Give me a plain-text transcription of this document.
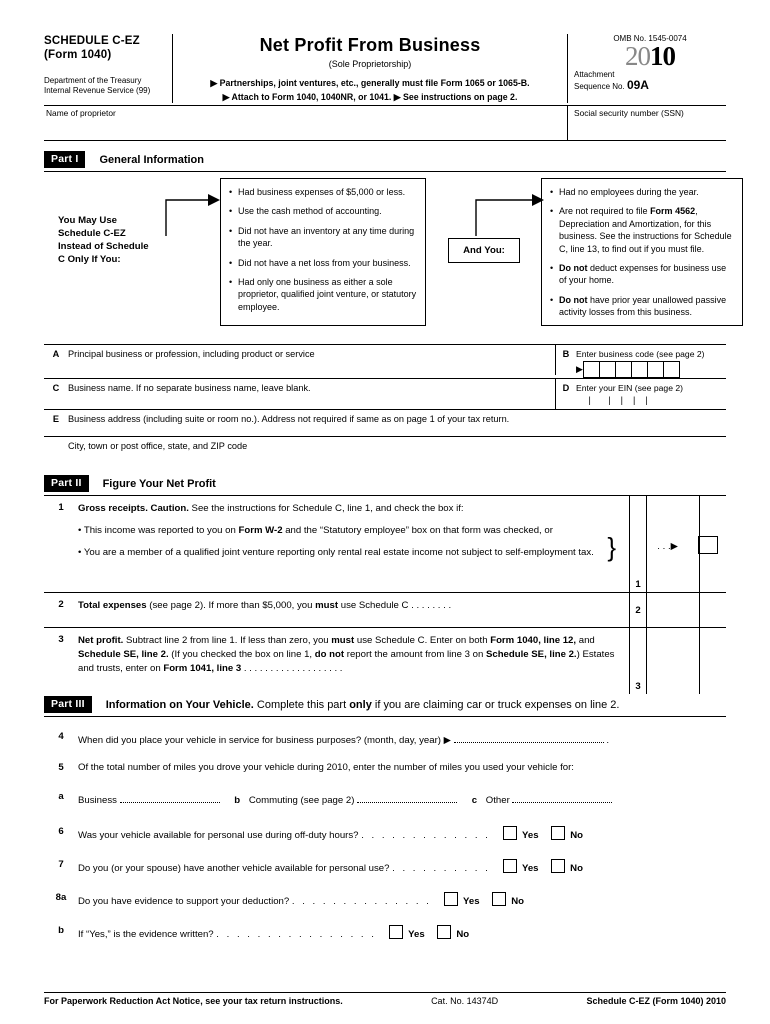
SCHEDULE C-EZ
(Form 1040)
Department of the Treasury
Internal Revenue Service (99)
Net Profit From Business
(Sole Proprietorship)
▶ Partnerships, joint ventures, etc., generally must file Form 1065 or 1065-B.
▶ Attach to Form 1040, 1040NR, or 1041. ▶ See instructions on page 2.
OMB No. 1545-0074
2010
Attachment
Sequence No. 09A
Name of proprietor	Social security number (SSN)
Part I	General Information
You May Use Schedule C-EZ Instead of Schedule C Only If You:
• Had business expenses of $5,000 or less.
• Use the cash method of accounting.
• Did not have an inventory at any time during the year.
• Did not have a net loss from your business.
• Had only one business as either a sole proprietor, qualified joint venture, or statutory employee.
And You:
• Had no employees during the year.
• Are not required to file Form 4562, Depreciation and Amortization, for this business. See the instructions for Schedule C, line 13, to find out if you must file.
• Do not deduct expenses for business use of your home.
• Do not have prior year unallowed passive activity losses from this business.
A Principal business or profession, including product or service	B Enter business code (see page 2)
▶
C Business name. If no separate business name, leave blank.	D Enter your EIN (see page 2)
|       |    |    |    |
E Business address (including suite or room no.). Address not required if same as on page 1 of your tax return.
City, town or post office, state, and ZIP code
Part II	Figure Your Net Profit
1	Gross receipts. Caution. See the instructions for Schedule C, line 1, and check the box if:
• This income was reported to you on Form W-2 and the “Statutory employee” box on that form was checked, or
• You are a member of a qualified joint venture reporting only rental real estate income not subject to self-employment tax. }	. . .▶
1
2	Total expenses (see page 2). If more than $5,000, you must use Schedule C . . . . . . . .	2
3	Net profit. Subtract line 2 from line 1. If less than zero, you must use Schedule C. Enter on both Form 1040, line 12, and Schedule SE, line 2. (If you checked the box on line 1, do not report the amount from line 3 on Schedule SE, line 2.) Estates and trusts, enter on Form 1041, line 3 . . . . . . . . . . . . . . . . . . .
3
Part III	Information on Your Vehicle. Complete this part only if you are claiming car or truck expenses on line 2.
4	When did you place your vehicle in service for business purposes? (month, day, year) ▶	.
5	Of the total number of miles you drove your vehicle during 2010, enter the number of miles you used your vehicle for:
a	Business	b Commuting (see page 2)	c Other
6	Was your vehicle available for personal use during off-duty hours? . . . . . . . . . . . . .	Yes	No
7	Do you (or your spouse) have another vehicle available for personal use? . . . . . . . . . .	Yes	No
8a	Do you have evidence to support your deduction? . . . . . . . . . . . . . .	Yes	No
b	If “Yes,” is the evidence written? . . . . . . . . . . . . . . . .	Yes	No
For Paperwork Reduction Act Notice, see your tax return instructions.	Cat. No. 14374D	Schedule C-EZ (Form 1040) 2010
